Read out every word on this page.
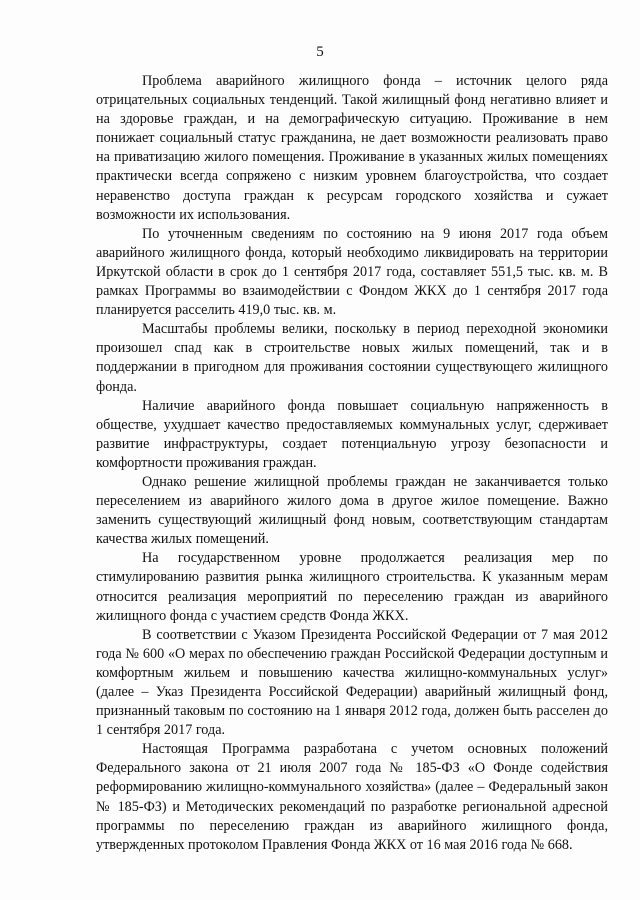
5

Проблема аварийного жилищного фонда – источник целого ряда отрицательных социальных тенденций. Такой жилищный фонд негативно влияет и на здоровье граждан, и на демографическую ситуацию. Проживание в нем понижает социальный статус гражданина, не дает возможности реализовать право на приватизацию жилого помещения. Проживание в указанных жилых помещениях практически всегда сопряжено с низким уровнем благоустройства, что создает неравенство доступа граждан к ресурсам городского хозяйства и сужает возможности их использования.

По уточненным сведениям по состоянию на 9 июня 2017 года объем аварийного жилищного фонда, который необходимо ликвидировать на территории Иркутской области в срок до 1 сентября 2017 года, составляет 551,5 тыс. кв. м. В рамках Программы во взаимодействии с Фондом ЖКХ до 1 сентября 2017 года планируется расселить 419,0 тыс. кв. м.

Масштабы проблемы велики, поскольку в период переходной экономики произошел спад как в строительстве новых жилых помещений, так и в поддержании в пригодном для проживания состоянии существующего жилищного фонда.

Наличие аварийного фонда повышает социальную напряженность в обществе, ухудшает качество предоставляемых коммунальных услуг, сдерживает развитие инфраструктуры, создает потенциальную угрозу безопасности и комфортности проживания граждан.

Однако решение жилищной проблемы граждан не заканчивается только переселением из аварийного жилого дома в другое жилое помещение. Важно заменить существующий жилищный фонд новым, соответствующим стандартам качества жилых помещений.

На государственном уровне продолжается реализация мер по стимулированию развития рынка жилищного строительства. К указанным мерам относится реализация мероприятий по переселению граждан из аварийного жилищного фонда с участием средств Фонда ЖКХ.

В соответствии с Указом Президента Российской Федерации от 7 мая 2012 года № 600 «О мерах по обеспечению граждан Российской Федерации доступным и комфортным жильем и повышению качества жилищно-коммунальных услуг» (далее – Указ Президента Российской Федерации) аварийный жилищный фонд, признанный таковым по состоянию на 1 января 2012 года, должен быть расселен до 1 сентября 2017 года.

Настоящая Программа разработана с учетом основных положений Федерального закона от 21 июля 2007 года № 185-ФЗ «О Фонде содействия реформированию жилищно-коммунального хозяйства» (далее – Федеральный закон № 185-ФЗ) и Методических рекомендаций по разработке региональной адресной программы по переселению граждан из аварийного жилищного фонда, утвержденных протоколом Правления Фонда ЖКХ от 16 мая 2016 года № 668.
